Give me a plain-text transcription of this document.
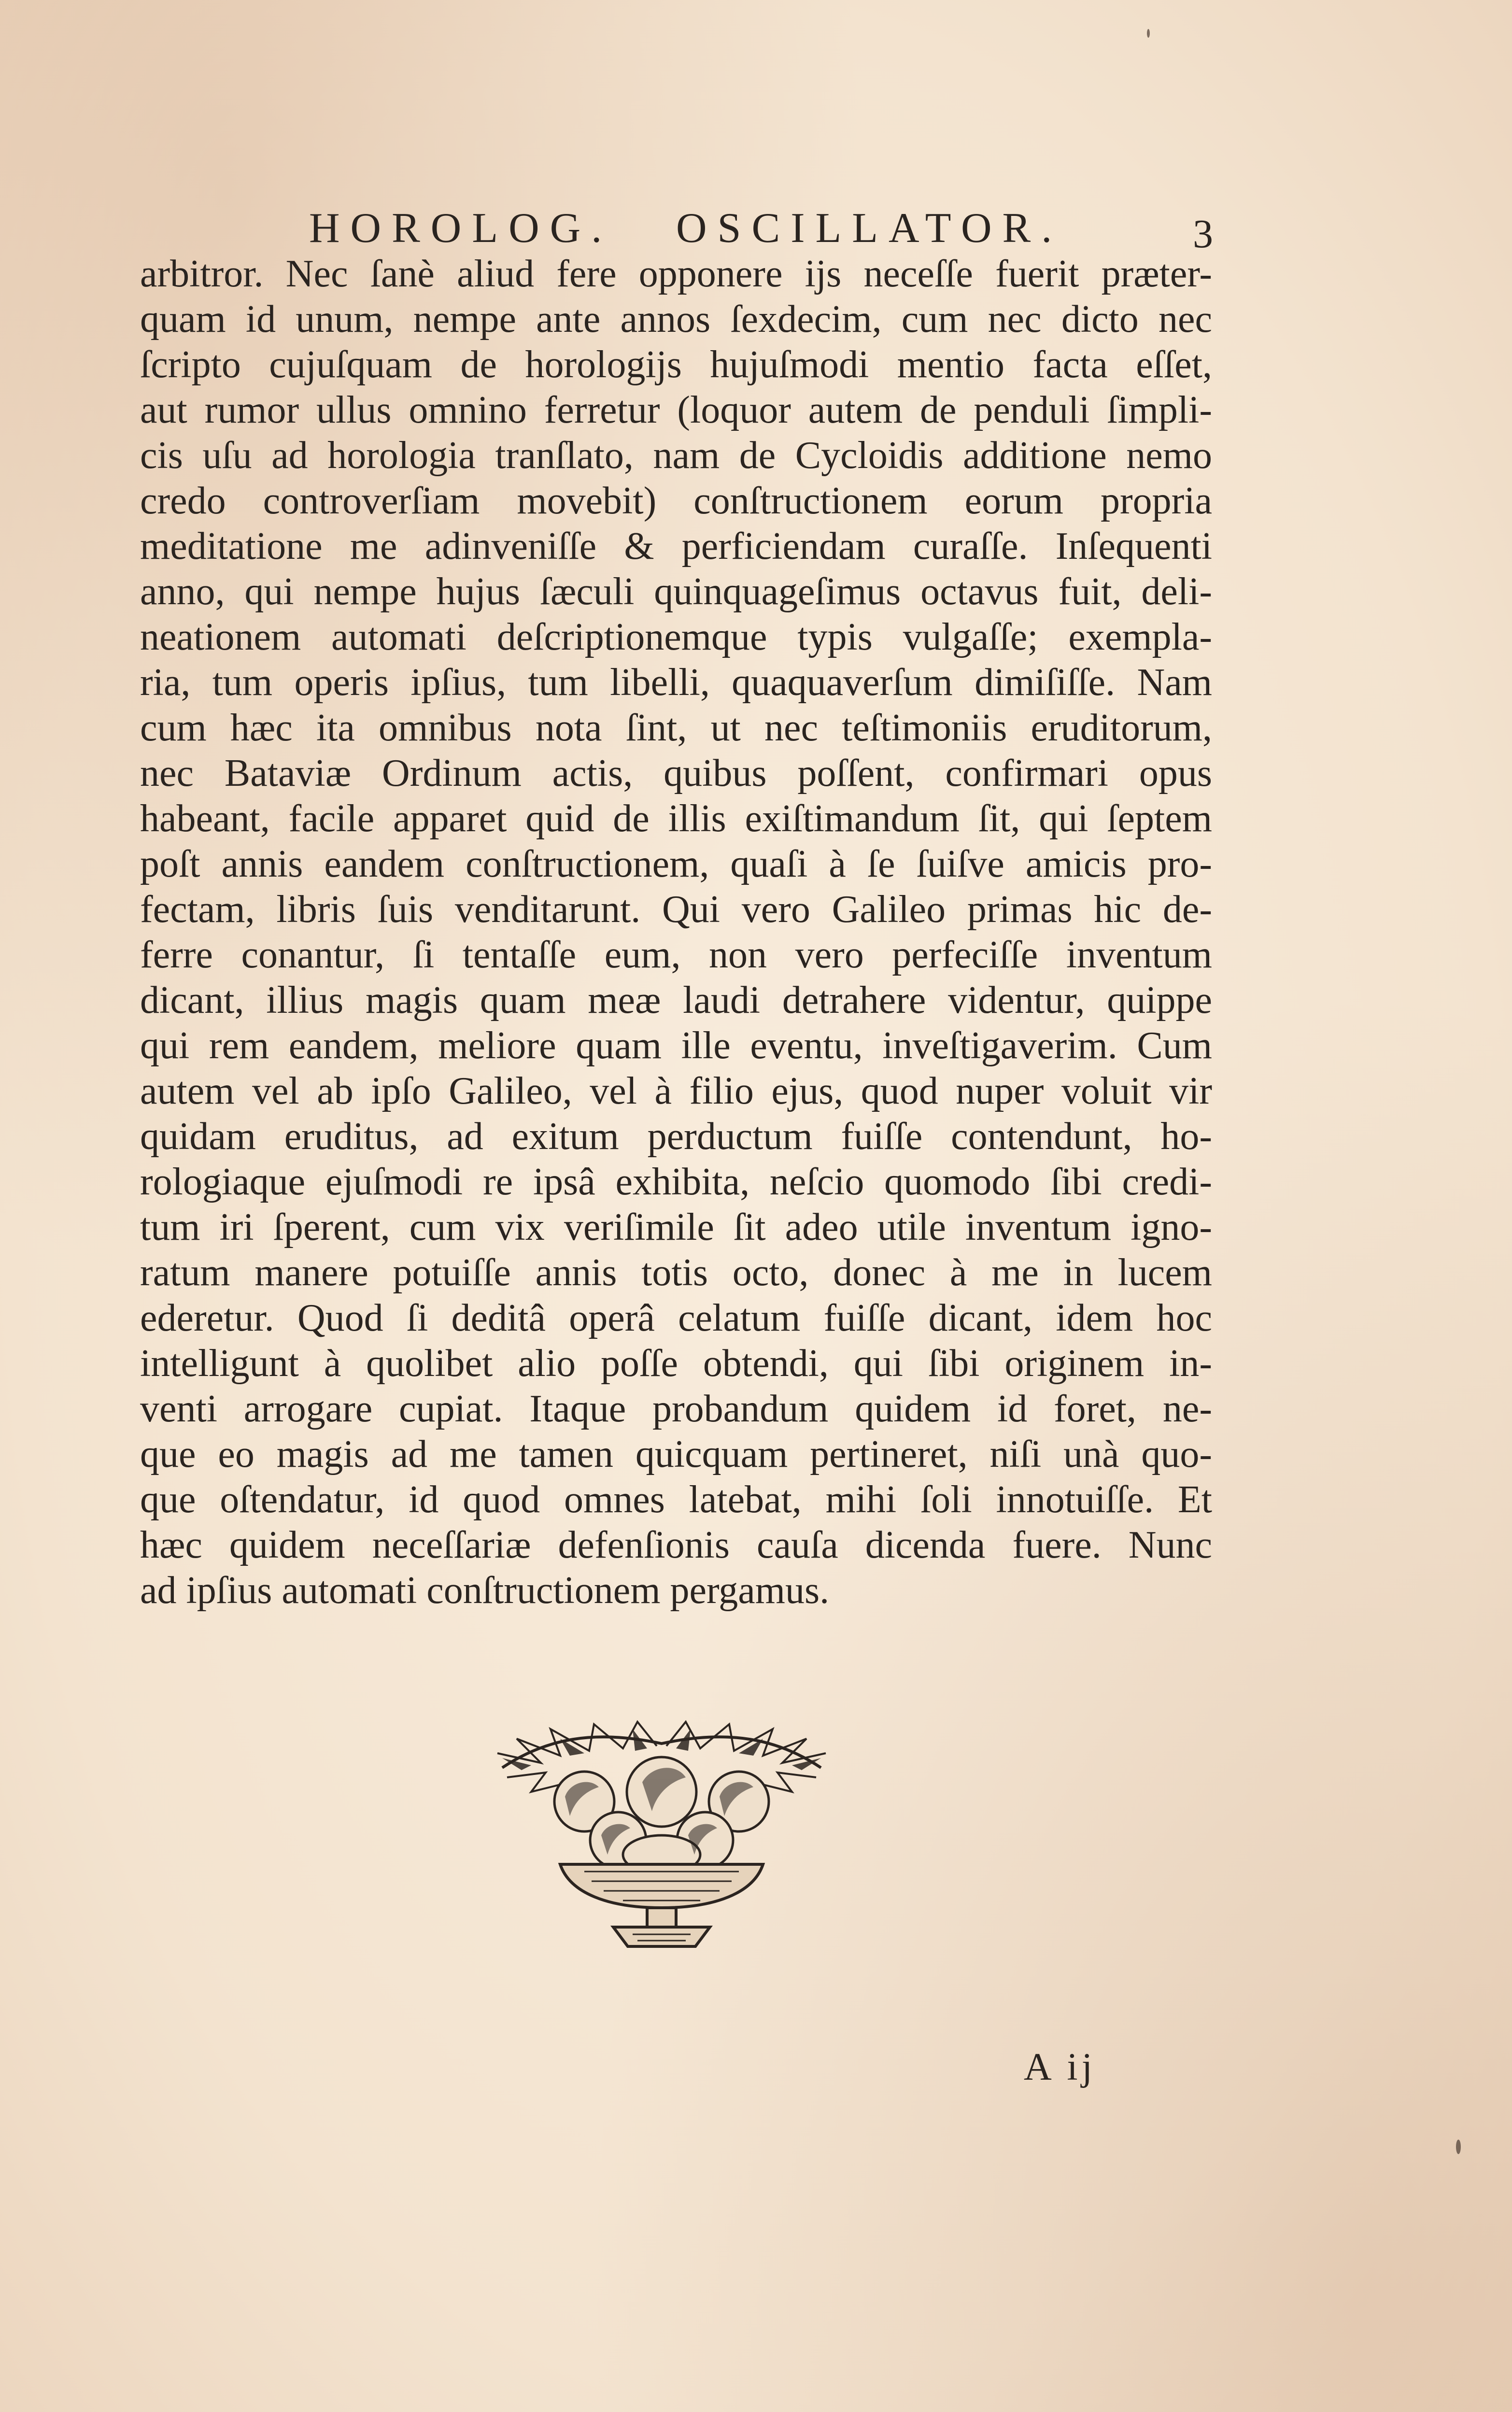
HOROLOG. OSCILLATOR.	3
arbitror. Nec ſanè aliud fere opponere ijs neceſſe fuerit præter-
quam id unum, nempe ante annos ſexdecim, cum nec dicto nec
ſcripto cujuſquam de horologijs hujuſmodi mentio facta eſſet,
aut rumor ullus omnino ferretur (loquor autem de penduli ſimpli-
cis uſu ad horologia tranſlato, nam de Cycloidis additione nemo
credo controverſiam movebit) conſtructionem eorum propria
meditatione me adinveniſſe & perficiendam curaſſe. Inſequenti
anno, qui nempe hujus ſæculi quinquageſimus octavus fuit, deli-
neationem automati deſcriptionemque typis vulgaſſe; exempla-
ria, tum operis ipſius, tum libelli, quaquaverſum dimiſiſſe. Nam
cum hæc ita omnibus nota ſint, ut nec teſtimoniis eruditorum,
nec Bataviæ Ordinum actis, quibus poſſent, confirmari opus
habeant, facile apparet quid de illis exiſtimandum ſit, qui ſeptem
poſt annis eandem conſtructionem, quaſi à ſe ſuiſve amicis pro-
fectam, libris ſuis venditarunt. Qui vero Galileo primas hic de-
ferre conantur, ſi tentaſſe eum, non vero perfeciſſe inventum
dicant, illius magis quam meæ laudi detrahere videntur, quippe
qui rem eandem, meliore quam ille eventu, inveſtigaverim. Cum
autem vel ab ipſo Galileo, vel à filio ejus, quod nuper voluit vir
quidam eruditus, ad exitum perductum fuiſſe contendunt, ho-
rologiaque ejuſmodi re ipsâ exhibita, neſcio quomodo ſibi credi-
tum iri ſperent, cum vix veriſimile ſit adeo utile inventum igno-
ratum manere potuiſſe annis totis octo, donec à me in lucem
ederetur. Quod ſi deditâ operâ celatum fuiſſe dicant, idem hoc
intelligunt à quolibet alio poſſe obtendi, qui ſibi originem in-
venti arrogare cupiat. Itaque probandum quidem id foret, ne-
que eo magis ad me tamen quicquam pertineret, niſi unà quo-
que oſtendatur, id quod omnes latebat, mihi ſoli innotuiſſe. Et
hæc quidem neceſſariæ defenſionis cauſa dicenda fuere. Nunc
ad ipſius automati conſtructionem pergamus.
A ij
